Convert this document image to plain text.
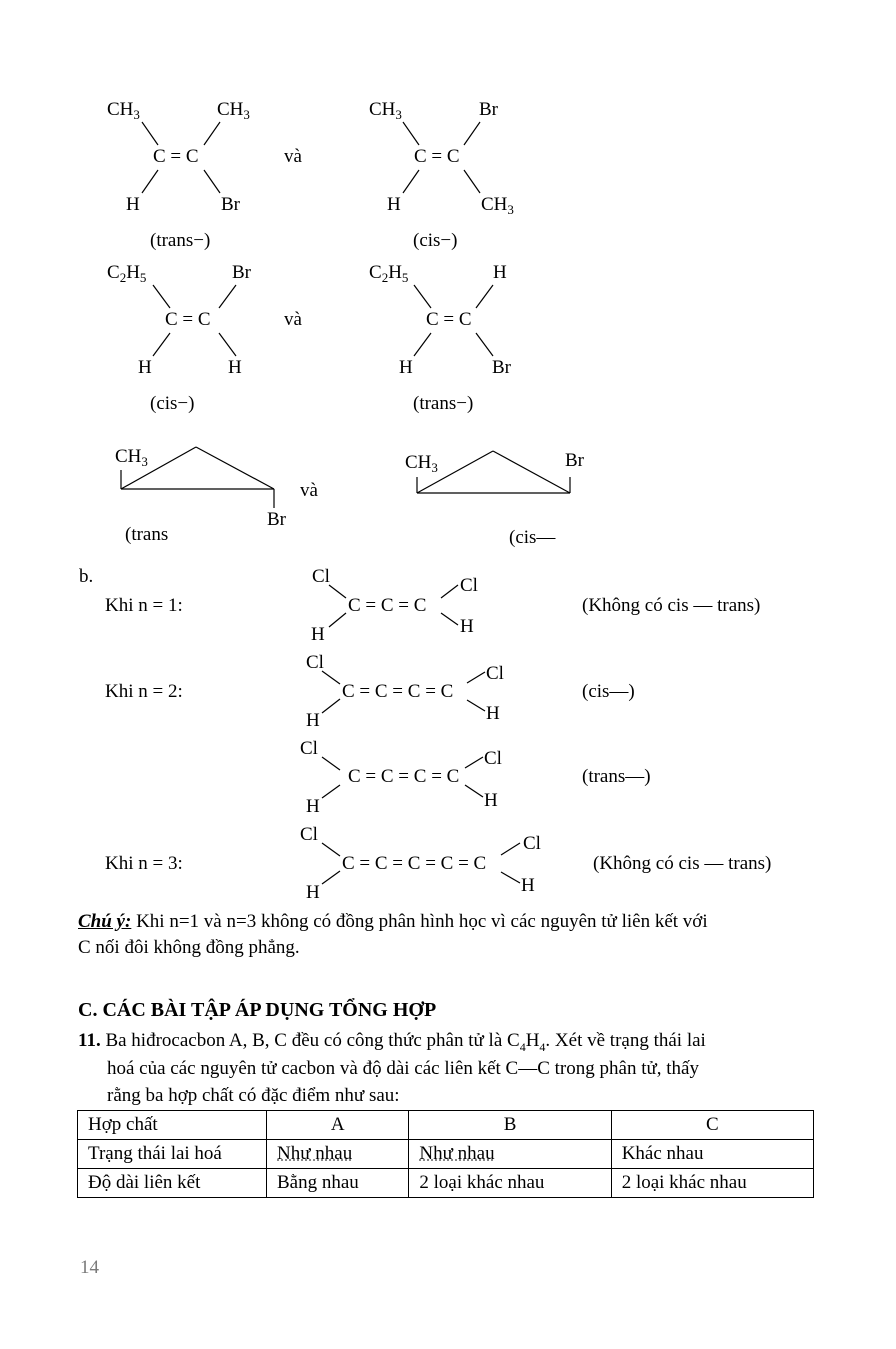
$CH_3$	$CH_3$
C = C
H	Br
(trans−)
và
$CH_3$	Br
C = C
H	$CH_3$
(cis−)
$C_2H_5$	Br
C = C
H	H
(cis−)
và
$C_2H_5$	H
C = C
H	Br
(trans−)
$CH_3$
Br
(trans
và
$CH_3$	Br
(cis—
b.
Khi n = 1:
Cl
H
C = C = C
Cl
H
(Không có cis — trans)
Khi n = 2:
Cl
H
C = C = C = C
Cl
H
(cis—)
Cl
H
C = C = C = C
Cl
H
(trans—)
Khi n = 3:
Cl
H
C = C = C = C = C
Cl
H
(Không có cis — trans)
Chú ý: Khi n=1 và n=3 không có đồng phân hình học vì các nguyên tử liên kết với
C nối đôi không đồng phẳng.
C. CÁC BÀI TẬP ÁP DỤNG TỔNG HỢP
11. Ba hiđrocacbon A, B, C đều có công thức phân tử là $C_4H_4$. Xét về trạng thái lai
hoá của các nguyên tử cacbon và độ dài các liên kết C—C trong phân tử, thấy
rằng ba hợp chất có đặc điểm như sau:
Hợp chất	A	B	C
Trạng thái lai hoá	Như nhau	Như nhau	Khác nhau
Độ dài liên kết	Bằng nhau	2 loại khác nhau	2 loại khác nhau
14
